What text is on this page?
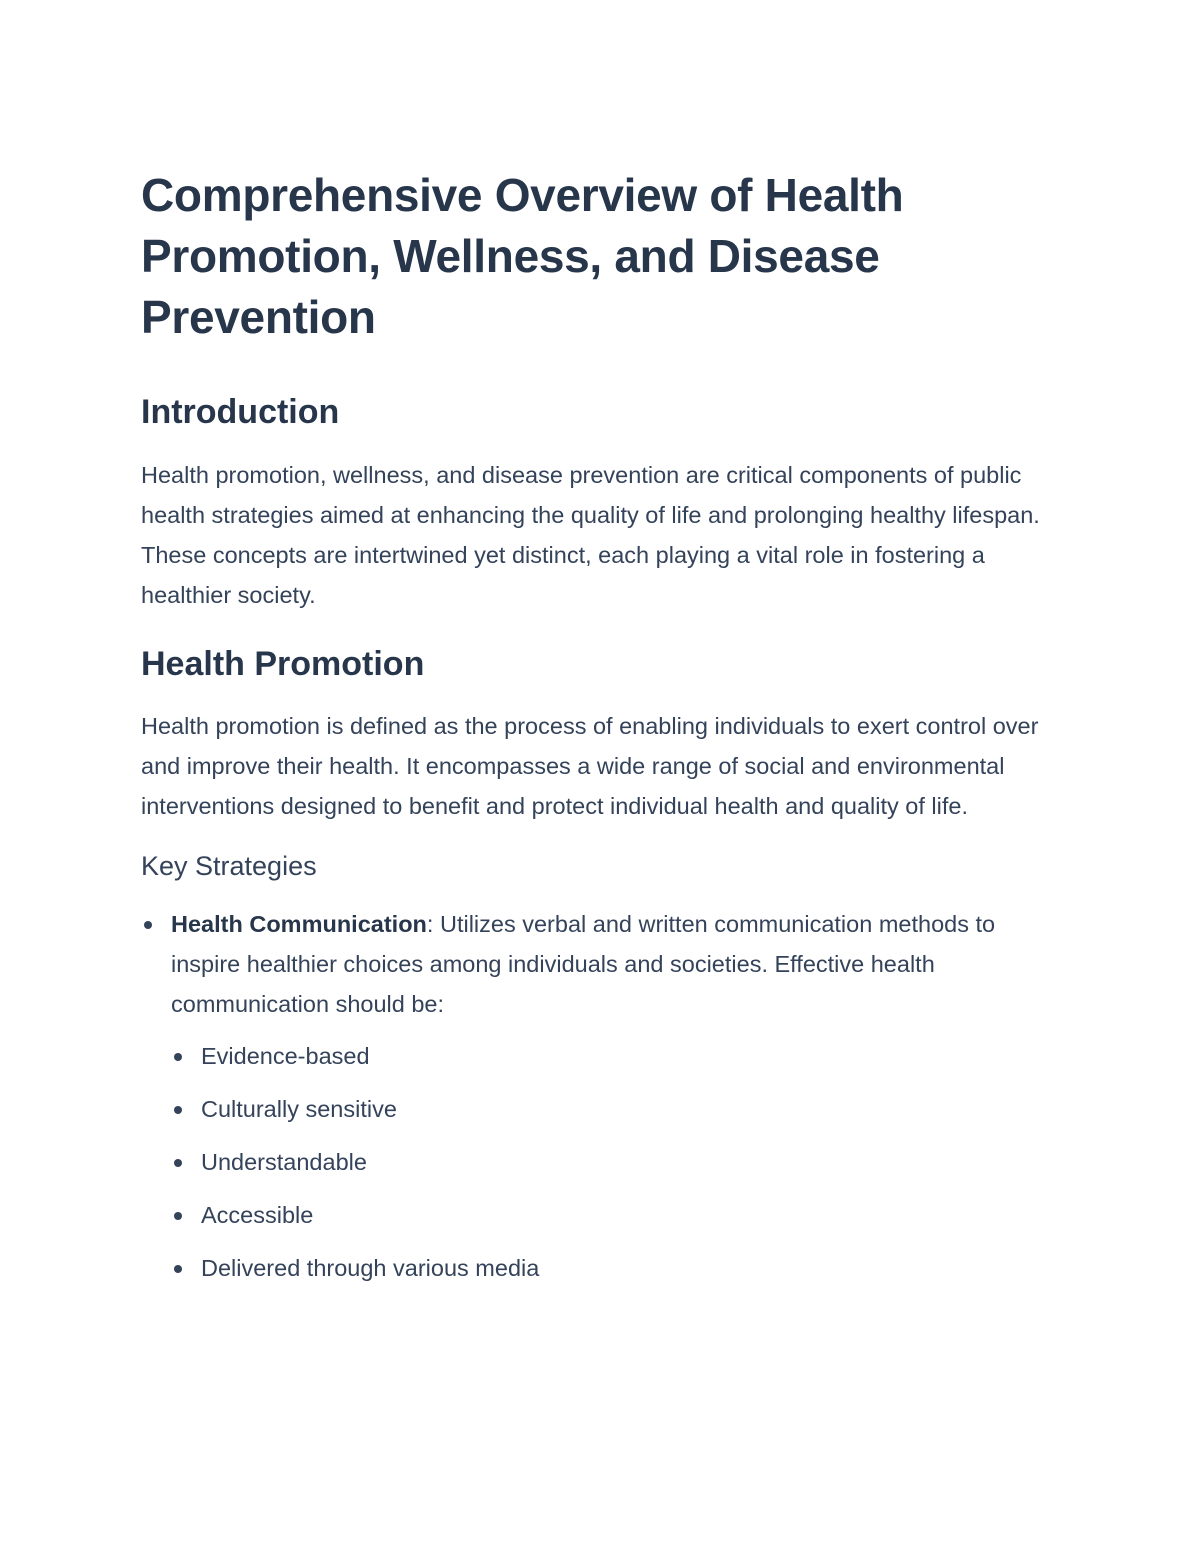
Comprehensive Overview of Health Promotion, Wellness, and Disease Prevention
Introduction

Health promotion, wellness, and disease prevention are critical components of public health strategies aimed at enhancing the quality of life and prolonging healthy lifespan. These concepts are intertwined yet distinct, each playing a vital role in fostering a healthier society.

Health Promotion

Health promotion is defined as the process of enabling individuals to exert control over and improve their health. It encompasses a wide range of social and environmental interventions designed to benefit and protect individual health and quality of life.

Key Strategies
Health Communication: Utilizes verbal and written communication methods to inspire healthier choices among individuals and societies. Effective health communication should be:
Evidence-based
Culturally sensitive
Understandable
Accessible
Delivered through various media
